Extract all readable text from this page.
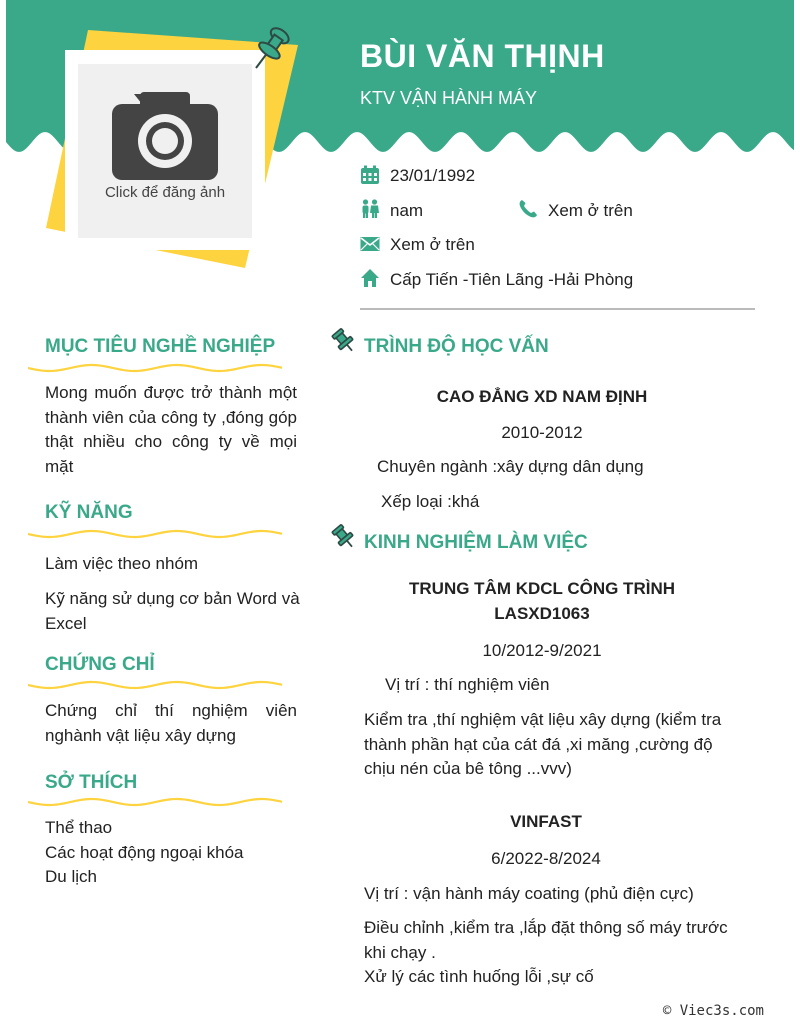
Click để đăng ảnh
BÙI VĂN THỊNH
KTV VẬN HÀNH MÁY
23/01/1992
nam	Xem ở trên
Xem ở trên
Cấp Tiến -Tiên Lãng -Hải Phòng
MỤC TIÊU NGHỀ NGHIỆP
Mong muốn được trở thành một
thành viên của công ty ,đóng góp
thật nhiều cho công ty về mọi
mặt
KỸ NĂNG
Làm việc theo nhóm
Kỹ năng sử dụng cơ bản Word và
Excel
CHỨNG CHỈ
Chứng chỉ thí nghiệm viên
nghành vật liệu xây dựng
SỞ THÍCH
Thể thao
Các hoạt động ngoại khóa
Du lịch
TRÌNH ĐỘ HỌC VẤN
CAO ĐẲNG XD NAM ĐỊNH
2010-2012
Chuyên ngành :xây dựng dân dụng
Xếp loại :khá
KINH NGHIỆM LÀM VIỆC
TRUNG TÂM KDCL CÔNG TRÌNH
LASXD1063
10/2012-9/2021
Vị trí : thí nghiệm viên
Kiểm tra ,thí nghiệm vật liệu xây dựng (kiểm tra
thành phần hạt của cát đá ,xi măng ,cường độ
chịu nén của bê tông ...vvv)
VINFAST
6/2022-8/2024
Vị trí : vận hành máy coating (phủ điện cực)
Điều chỉnh ,kiểm tra ,lắp đặt thông số máy trước
khi chạy .
Xử lý các tình huống lỗi ,sự cố
© Viec3s.com
